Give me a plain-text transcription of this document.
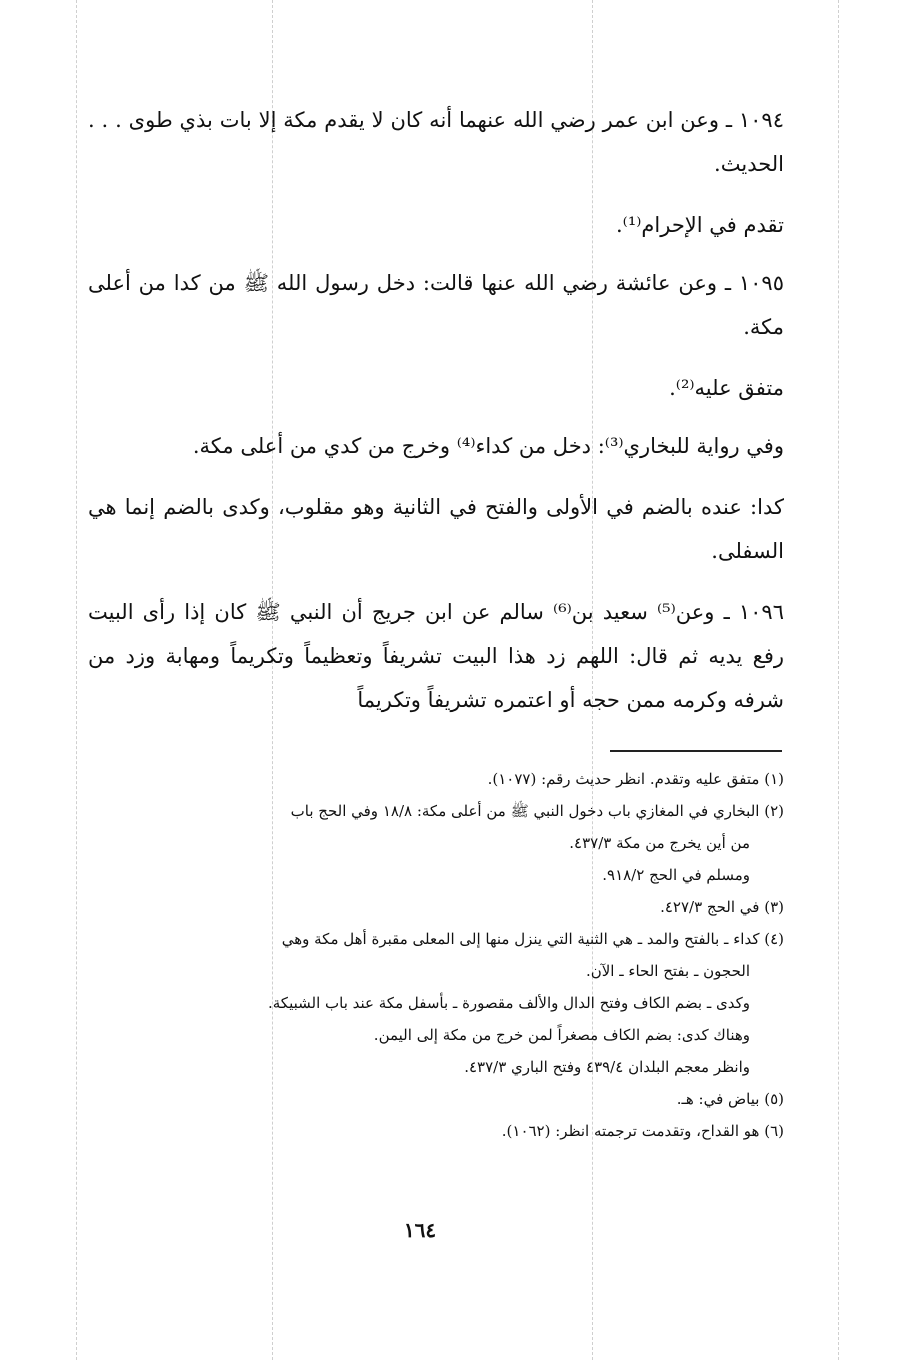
١٠٩٤ ـ وعن ابن عمر رضي الله عنهما أنه كان لا يقدم مكة إلا بات بذي طوى . . . الحديث.

تقدم في الإحرام⁽¹⁾.

١٠٩٥ ـ وعن عائشة رضي الله عنها قالت: دخل رسول الله ﷺ من كدا من أعلى مكة.

متفق عليه⁽²⁾.

وفي رواية للبخاري⁽³⁾: دخل من كداء⁽⁴⁾ وخرج من كدي من أعلى مكة.

كدا: عنده بالضم في الأولى والفتح في الثانية وهو مقلوب، وكدى بالضم إنما هي السفلى.

١٠٩٦ ـ وعن⁽⁵⁾ سعيد بن⁽⁶⁾ سالم عن ابن جريج أن النبي ﷺ كان إذا رأى البيت رفع يديه ثم قال: اللهم زد هذا البيت تشريفاً وتعظيماً وتكريماً ومهابة وزد من شرفه وكرمه ممن حجه أو اعتمره تشريفاً وتكريماً

(١) متفق عليه وتقدم. انظر حديث رقم: (١٠٧٧).
(٢) البخاري في المغازي باب دخول النبي ﷺ من أعلى مكة: ١٨/٨ وفي الحج باب
من أين يخرج من مكة ٤٣٧/٣.
ومسلم في الحج ٩١٨/٢.
(٣) في الحج ٤٢٧/٣.
(٤) كداء ـ بالفتح والمد ـ هي الثنية التي ينزل منها إلى المعلى مقبرة أهل مكة وهي
الحجون ـ بفتح الحاء ـ الآن.
وكدى ـ بضم الكاف وفتح الدال والألف مقصورة ـ بأسفل مكة عند باب الشبيكة.
وهناك كدى: بضم الكاف مصغراً لمن خرج من مكة إلى اليمن.
وانظر معجم البلدان ٤٣٩/٤ وفتح الباري ٤٣٧/٣.
(٥) بياض في: هـ.
(٦) هو القداح، وتقدمت ترجمته انظر: (١٠٦٢).
١٦٤
